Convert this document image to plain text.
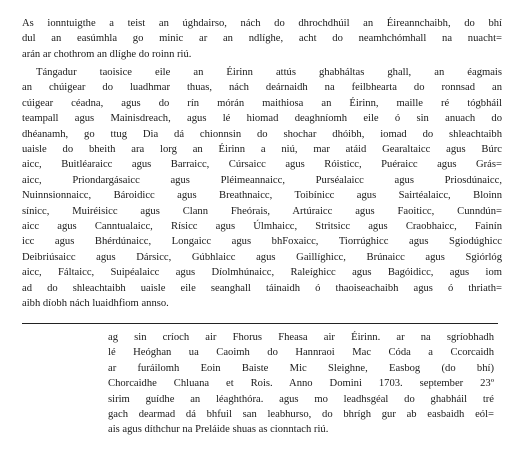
As ionntuigthe a teist an úghdairso, nách do dhrochdhúil an Éireannchaibh, do bhí
dul an easúmhla go minic ar an ndlíghe, acht do neamhchómhall na nuacht=
arán ar chothrom an dlíghe do roinn riú.
Tángadur taoisice eile an Éirinn attús ghabháltas ghall, an éagmais
an chúigear do luadhmar thuas, nách deárnaidh na feilbhearta do ronnsad an
cúigear céadna, agus do rín mórán maithiosa an Éirinn, maille ré tógbháil
teampall agus Mainisdreach, agus lé hiomad deaghníomh eile ó sin anuach do
dhéanamh, go ttug Dia dá chionnsin do shochar dhóibh, iomad do shleachtaibh
uaisle do bheith ara lorg an Éirinn a niú, mar atáid Gearaltaicc agus Búrc
aicc, Buitléaraicc agus Barraicc, Cúrsaicc agus Róisticc, Puéraicc agus Grás=
aicc, Priondargásaicc agus Pléimeannaicc, Purséalaicc agus Priosdúnaicc,
Nuinnsionnaicc, Bároidicc agus Breathnaicc, Toibínicc agus Sairtéalaicc, Bloinn
sínicc, Muiréisicc agus Clann Fheórais, Artúraicc agus Faoiticc, Cunndún=
aicc agus Canntualaicc, Rísicc agus Úlmhaicc, Stritsicc agus Craobhaicc, Fainín
icc agus Bhérdúnaicc, Longaicc agus bhFoxaicc, Tiorrúghicc agus Sgiodúghicc
Deibriúsaicc agus Dársicc, Gúbhlaicc agus Gaillíghicc, Brúnaicc agus Sgiórlóg
aicc, Fáltaicc, Suipéalaicc agus Díolmhúnaicc, Raleíghicc agus Bagóidicc, agus iom
ad do shleachtaibh uaisle eile seanghall táinaidh ó thaoiseachaibh agus ó thriath=
aibh díobh nách luaidhfiom annso.
ag sin críoch air Fhorus Fheasa air Éirinn. ar na sgríobhadh
lé Heóghan ua Caoimh do Hannraoi Mac Códa a Ccorcaidh
ar furáilomh Eoin Baiste Mic Sleighne, Easbog (do bhí)
Chorcaidhe Chluana et Rois. Anno Domini 1703. september 23º
sirim guídhe an léaghthóra. agus mo leadhsgéal do ghabháil tré
gach dearmad dá bhfuil san leabhurso, do bhrígh gur ab easbaidh eól=
ais agus díthchur na Preláide shuas as cionntach riú.
